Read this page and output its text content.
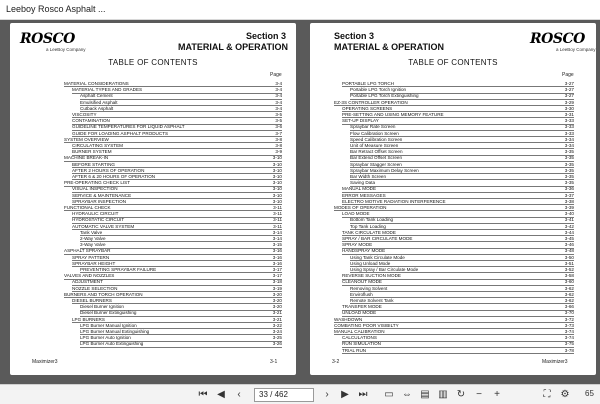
Leeboy Rosco Asphalt ...
ROSCO
a LeeBoy Company
Section 3
MATERIAL & OPERATION
TABLE OF CONTENTS
Page
MATERIAL CONSIDERATIONS	3-4
MATERIAL TYPES AND GRADES	3-4
Asphalt Cement	3-4
Emulsified Asphalt	3-4
Cutback Asphalt	3-4
VISCOSITY	3-5
CONTAMINATION	3-5
GUIDELINE TEMPERATURES FOR LIQUID ASPHALT	3-6
GUIDE FOR LOADING ASPHALT PRODUCTS	3-7
SYSTEM OVERVIEW	3-8
CIRCULATING SYSTEM	3-8
BURNER SYSTEM	3-9
MACHINE BREAK-IN	3-10
BEFORE STARTING	3-10
AFTER 2 HOURS OF OPERATION	3-10
AFTER 6 & 20 HOURS OF OPERATION	3-10
PRE-OPERATING CHECK LIST	3-10
VISUAL INSPECTION	3-10
SERVICE & MAINTENANCE	3-10
SPRAYBAR INSPECTION	3-10
FUNCTIONAL CHECK	3-11
HYDRAULIC CIRCUIT	3-11
HYDROSTATIC CIRCUIT	3-11
AUTOMATIC VALVE SYSTEM	3-11
Tank Valve	3-14
2-Way Valve	3-14
3-Way Valve	3-15
ASPHALT SPRAYBAR	3-16
SPRAY PATTERN	3-16
SPRAYBAR HEIGHT	3-16
PREVENTING SPRAYBAR FAILURE	3-17
VALVES AND NOZZLES	3-17
ADJUSTMENT	3-18
NOZZLE SELECTION	3-19
BURNERS AND TORCH OPERATION	3-20
DIESEL BURNERS	3-20
Diesel Burner Ignition	3-20
Diesel Burner Extinguishing	3-21
LPG BURNERS	3-21
LPG Burner Manual Ignition	3-22
LPG Burner Manual Extinguishing	3-24
LPG Burner Auto Ignition	3-25
LPG Burner Auto Extinguishing	3-26
Maximizer3	3-1
Section 3
MATERIAL & OPERATION	ROSCO
a LeeBoy Company
TABLE OF CONTENTS
Page
PORTABLE LPG TORCH	3-27
Portable LPG Torch Ignition	3-27
Portable LPG Torch Extinguishing	3-27
EZ-3S CONTROLLER OPERATION	3-29
OPERATING SCREENS	3-30
PRE-SETTING AND USING MEMORY FEATURE	3-31
SET-UP DISPLAY	3-33
Spraybar Rate Screen	3-33
Flow Calibration Screen	3-33
Speed Calibration Screen	3-34
Unit of Measure Screen	3-34
Bar Retract Offset Screen	3-35
Bar Extend Offset Screen	3-35
Spraybar Stagger Screen	3-35
Spraybar Maximum Delay Screen	3-35
Bar Width Screen	3-35
Saving Data	3-35
MANUAL MODE	3-36
ERROR MESSAGES	3-37
ELECTRO MOTIVE RADIATION INTERFERENCE	3-38
MODES OF OPERATION	3-39
LOAD MODE	3-40
Bottom Tank Loading	3-41
Top Tank Loading	3-42
TANK CIRCULATE MODE	3-44
SPRAY / BAR CIRCULATE MODE	3-45
SPRAY MODE	3-46
HANDSPRAY MODE	3-48
Using Tank Circulate Mode	3-50
Using Unload Mode	3-51
Using Spray / Bar Circulate Mode	3-52
REVERSE SUCTION MODE	3-58
CLEANOUT MODE	3-60
Removing Solvent	3-62
Enviroflush	3-62
Remote Solvent Tank	3-62
TRANSFER MODE	3-66
UNLOAD MODE	3-70
WASHDOWN	3-72
COMBATING POOR VISIBILTY	3-73
MANUAL CALIBRATION	3-74
CALCULATIONS	3-74
RUN SIMULATION	3-75
TRIAL RUN	3-78
3-2	Maximizer3
⏮ ◀	‹	33 / 462	›	▶ ⏭ ▭ ⇔ ▤ ▥ ↻	−	+	⛶	⚙	65
